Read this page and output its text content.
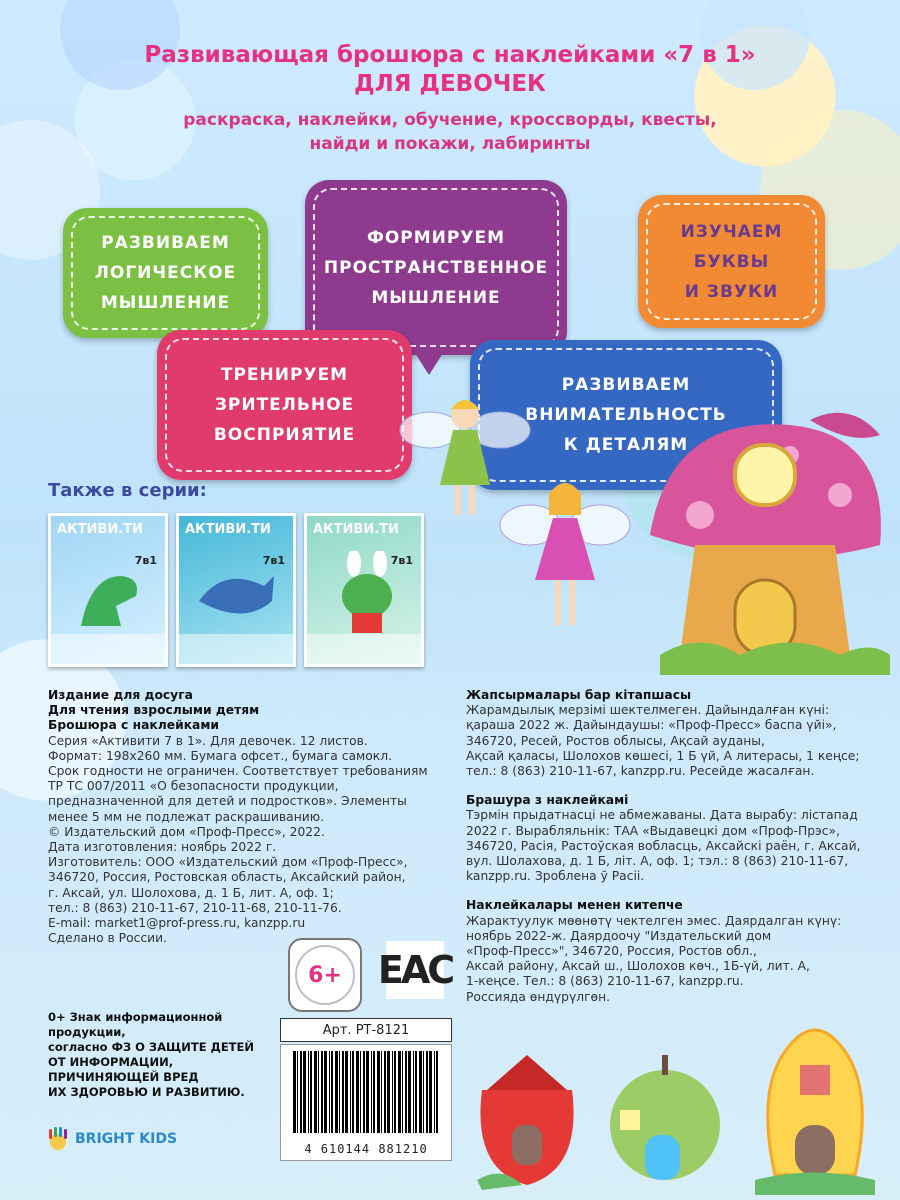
Развивающая брошюра с наклейками «7 в 1»
ДЛЯ ДЕВОЧЕК
раскраска, наклейки, обучение, кроссворды, квесты,
найди и покажи, лабиринты
РАЗВИВАЕМ
ЛОГИЧЕСКОЕ
МЫШЛЕНИЕ
ФОРМИРУЕМ
ПРОСТРАНСТВЕННОЕ
МЫШЛЕНИЕ
ИЗУЧАЕМ
БУКВЫ
И ЗВУКИ
ТРЕНИРУЕМ
ЗРИТЕЛЬНОЕ
ВОСПРИЯТИЕ
РАЗВИВАЕМ
ВНИМАТЕЛЬНОСТЬ
К ДЕТАЛЯМ
Также в серии:
АКТИВИ.ТИ
7в1
АКТИВИ.ТИ
7в1
АКТИВИ.ТИ
7в1
Издание для досуга
Для чтения взрослыми детям
Брошюра с наклейками
Серия «Активити 7 в 1». Для девочек. 12 листов.
Формат: 198х260 мм. Бумага офсет., бумага самокл.
Срок годности не ограничен. Соответствует требованиям
ТР ТС 007/2011 «О безопасности продукции,
предназначенной для детей и подростков». Элементы
менее 5 мм не подлежат раскрашиванию.
© Издательский дом «Проф-Пресс», 2022.
Дата изготовления: ноябрь 2022 г.
Изготовитель: ООО «Издательский дом «Проф-Пресс»,
346720, Россия, Ростовская область, Аксайский район,
г. Аксай, ул. Шолохова, д. 1 Б, лит. А, оф. 1;
тел.: 8 (863) 210-11-67, 210-11-68, 210-11-76.
E-mail: market1@prof-press.ru, kanzpp.ru
Сделано в России.
Жапсырмалары бар кітапшасы
Жарамдылық мерзімі шектелмеген. Дайындалған күні:
қараша 2022 ж. Дайындаушы: «Проф-Пресс» баспа үйі»,
346720, Ресей, Ростов облысы, Ақсай ауданы,
Ақсай қаласы, Шолохов көшесі, 1 Б үй, А литерасы, 1 кеңсе;
тел.: 8 (863) 210-11-67, kanzpp.ru. Ресейде жасалған.
Брашура з наклейкамі
Тэрмін прыдатнасці не абмежаваны. Дата вырабу: лістапад
2022 г. Вырабляльнік: ТАА «Выдавецкі дом «Проф-Прэс»,
346720, Расія, Растоўская вобласць, Аксайскі раён, г. Аксай,
вул. Шолахова, д. 1 Б, літ. А, оф. 1; тэл.: 8 (863) 210-11-67,
kanzpp.ru. Зроблена ў Расіі.
Наклейкалары менен китепче
Жарактуулук мөөнөтү чектелген эмес. Даярдалган күнү:
ноябрь 2022-ж. Даярдоочу "Издательский дом
«Проф-Пресс»", 346720, Россия, Ростов обл.,
Аксай району, Аксай ш., Шолохов көч., 1Б-үй, лит. А,
1-кеңсе. Тел.: 8 (863) 210-11-67, kanzpp.ru.
Россияда өндүрүлгөн.
6+ EAC
0+ Знак информационной продукции,
согласно ФЗ О ЗАЩИТЕ ДЕТЕЙ
ОТ ИНФОРМАЦИИ,
ПРИЧИНЯЮЩЕЙ ВРЕД
ИХ ЗДОРОВЬЮ И РАЗВИТИЮ.
Арт. РТ-8121
4 610144 881210
BRIGHT KIDS
